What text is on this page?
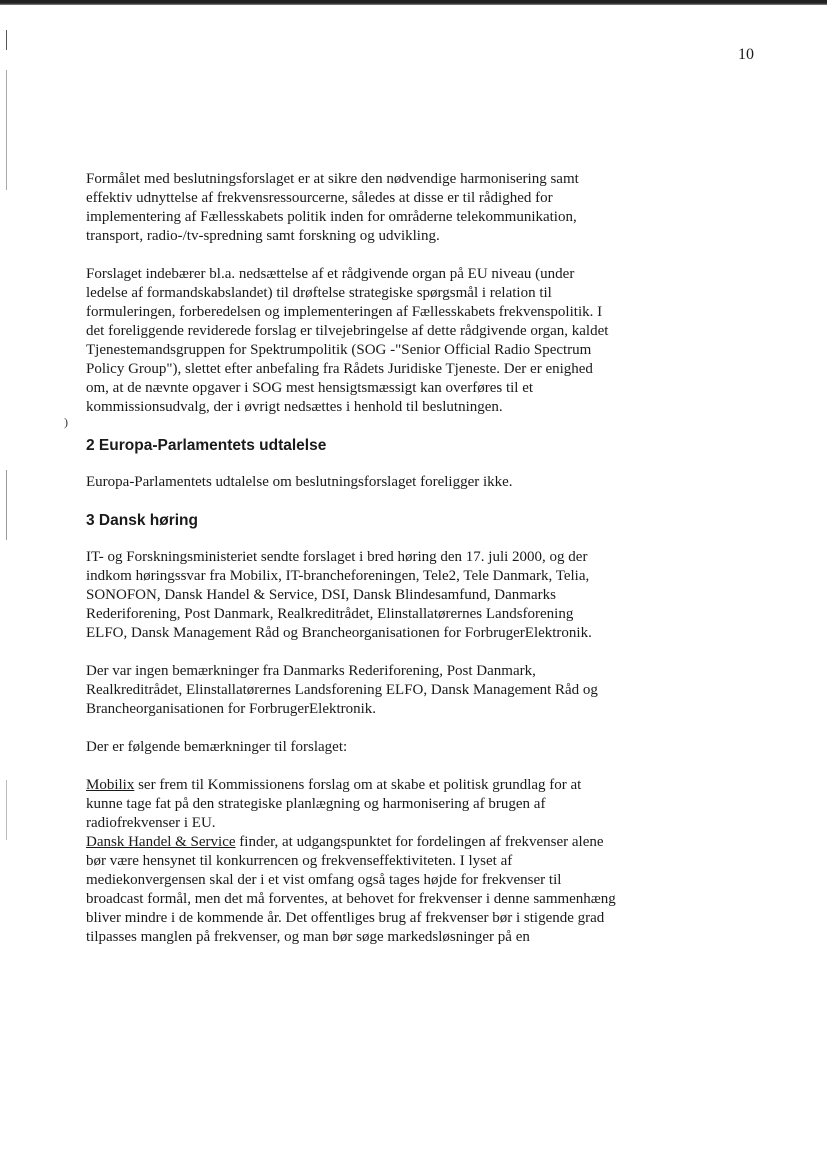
)
10

Formålet med beslutningsforslaget er at sikre den nødvendige harmonisering samt effektiv udnyttelse af frekvensressourcerne, således at disse er til rådighed for implementering af Fællesskabets politik inden for områderne telekommunikation, transport, radio-/tv-spredning samt forskning og udvikling.

Forslaget indebærer bl.a. nedsættelse af et rådgivende organ på EU niveau (under ledelse af formandskabslandet) til drøftelse strategiske spørgsmål i relation til formuleringen, forberedelsen og implementeringen af Fællesskabets frekvenspolitik. I det foreliggende reviderede forslag er tilvejebringelse af dette rådgivende organ, kaldet Tjenestemandsgruppen for Spektrumpolitik (SOG -"Senior Official Radio Spectrum Policy Group"), slettet efter anbefaling fra Rådets Juridiske Tjeneste. Der er enighed om, at de nævnte opgaver i SOG mest hensigtsmæssigt kan overføres til et kommissionsudvalg, der i øvrigt nedsættes i henhold til beslutningen.

2 Europa-Parlamentets udtalelse

Europa-Parlamentets udtalelse om beslutningsforslaget foreligger ikke.

3 Dansk høring

IT- og Forskningsministeriet sendte forslaget i bred høring den 17. juli 2000, og der indkom høringssvar fra Mobilix, IT-brancheforeningen, Tele2, Tele Danmark, Telia, SONOFON, Dansk Handel & Service, DSI, Dansk Blindesamfund, Danmarks Rederiforening, Post Danmark, Realkreditrådet, Elinstallatørernes Landsforening ELFO, Dansk Management Råd og Brancheorganisationen for ForbrugerElektronik.

Der var ingen bemærkninger fra Danmarks Rederiforening, Post Danmark, Realkreditrådet, Elinstallatørernes Landsforening ELFO, Dansk Management Råd og Brancheorganisationen for ForbrugerElektronik.

Der er følgende bemærkninger til forslaget:

Mobilix ser frem til Kommissionens forslag om at skabe et politisk grundlag for at kunne tage fat på den strategiske planlægning og harmonisering af brugen af radiofrekvenser i EU.

Dansk Handel & Service finder, at udgangspunktet for fordelingen af frekvenser alene bør være hensynet til konkurrencen og frekvenseffektiviteten. I lyset af mediekonvergensen skal der i et vist omfang også tages højde for frekvenser til broadcast formål, men det må forventes, at behovet for frekvenser i denne sammenhæng bliver mindre i de kommende år. Det offentliges brug af frekvenser bør i stigende grad tilpasses manglen på frekvenser, og man bør søge markedsløsninger på en
